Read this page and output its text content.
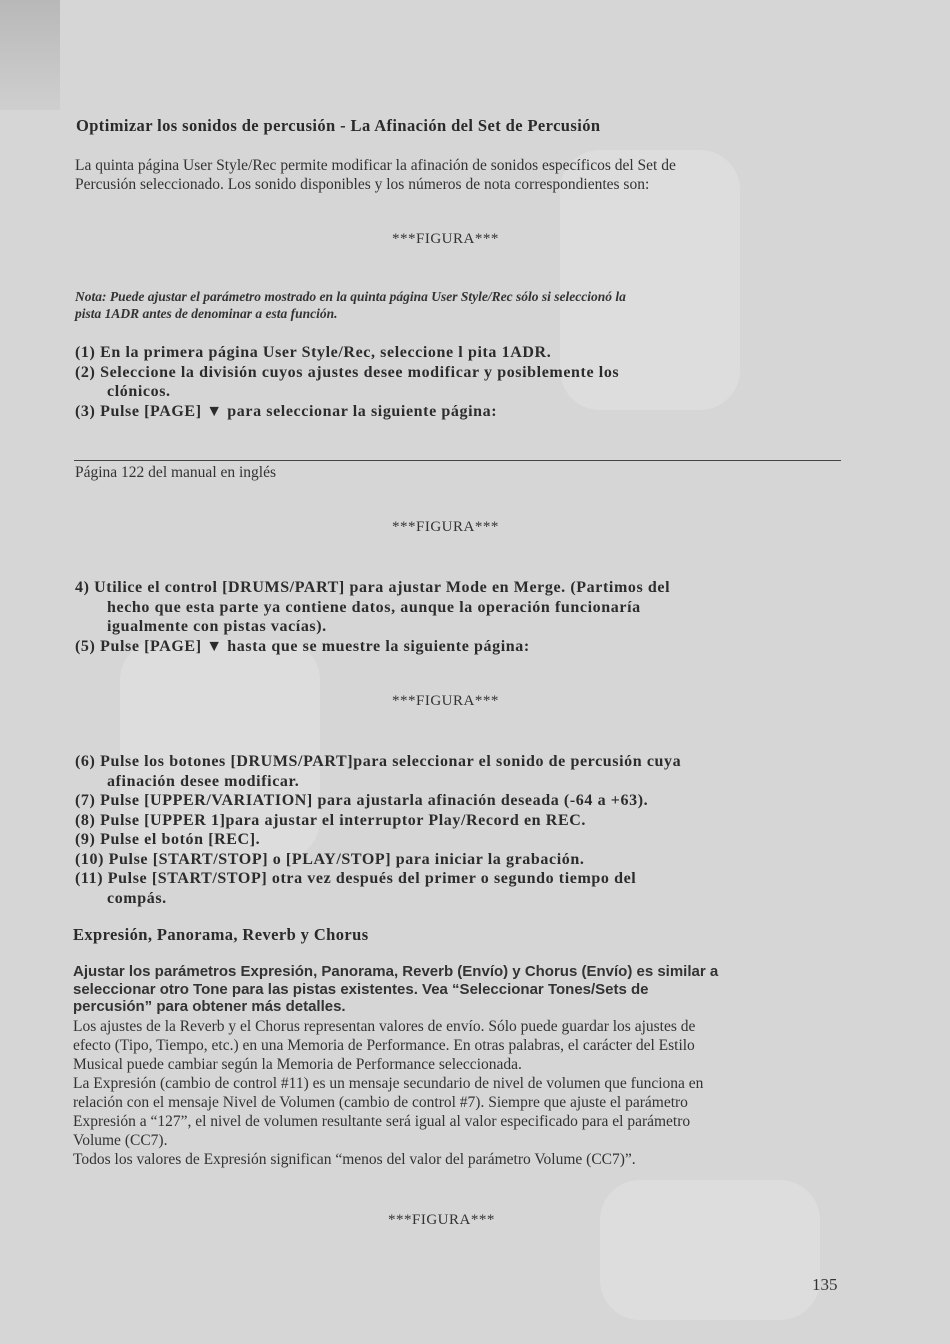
Optimizar los sonidos de percusión - La Afinación del Set de Percusión
La quinta página User Style/Rec permite modificar la afinación de sonidos específicos del Set de
Percusión seleccionado. Los sonido disponibles y los números de nota correspondientes son:
***FIGURA***
Nota: Puede ajustar el parámetro mostrado en la quinta página User Style/Rec sólo si seleccionó la
pista 1ADR antes de denominar a esta función.
(1) En la primera página User Style/Rec, seleccione l pita 1ADR.
(2) Seleccione la división cuyos ajustes desee modificar y posiblemente los
clónicos.
(3) Pulse [PAGE] ▼ para seleccionar la siguiente página:
Página 122 del manual en inglés
***FIGURA***
4) Utilice el control [DRUMS/PART] para ajustar Mode en Merge. (Partimos del
hecho que esta parte ya contiene datos, aunque la operación funcionaría
igualmente con pistas vacías).
(5) Pulse [PAGE] ▼ hasta que se muestre la siguiente página:
***FIGURA***
(6) Pulse los botones [DRUMS/PART]para seleccionar el sonido de percusión cuya
afinación desee modificar.
(7) Pulse [UPPER/VARIATION] para ajustarla afinación deseada (-64 a +63).
(8) Pulse [UPPER 1]para ajustar el interruptor Play/Record en REC.
(9) Pulse el botón [REC].
(10) Pulse [START/STOP] o [PLAY/STOP] para iniciar la grabación.
(11) Pulse [START/STOP] otra vez después del primer o segundo tiempo del
compás.
Expresión, Panorama, Reverb y Chorus
Ajustar los parámetros Expresión, Panorama, Reverb (Envío) y Chorus (Envío) es similar a
seleccionar otro Tone para las pistas existentes. Vea “Seleccionar Tones/Sets de
percusión” para obtener más detalles.
Los ajustes de la Reverb y el Chorus representan valores de envío. Sólo puede guardar los ajustes de
efecto (Tipo, Tiempo, etc.) en una Memoria de Performance. En otras palabras, el carácter del Estilo
Musical puede cambiar según la Memoria de Performance seleccionada.
La Expresión (cambio de control #11) es un mensaje secundario de nivel de volumen que funciona en
relación con el mensaje Nivel de Volumen (cambio de control #7). Siempre que ajuste el parámetro
Expresión a “127”, el nivel de volumen resultante será igual al valor especificado para el parámetro
Volume (CC7).
Todos los valores de Expresión significan “menos del valor del parámetro Volume (CC7)”.
***FIGURA***
135
